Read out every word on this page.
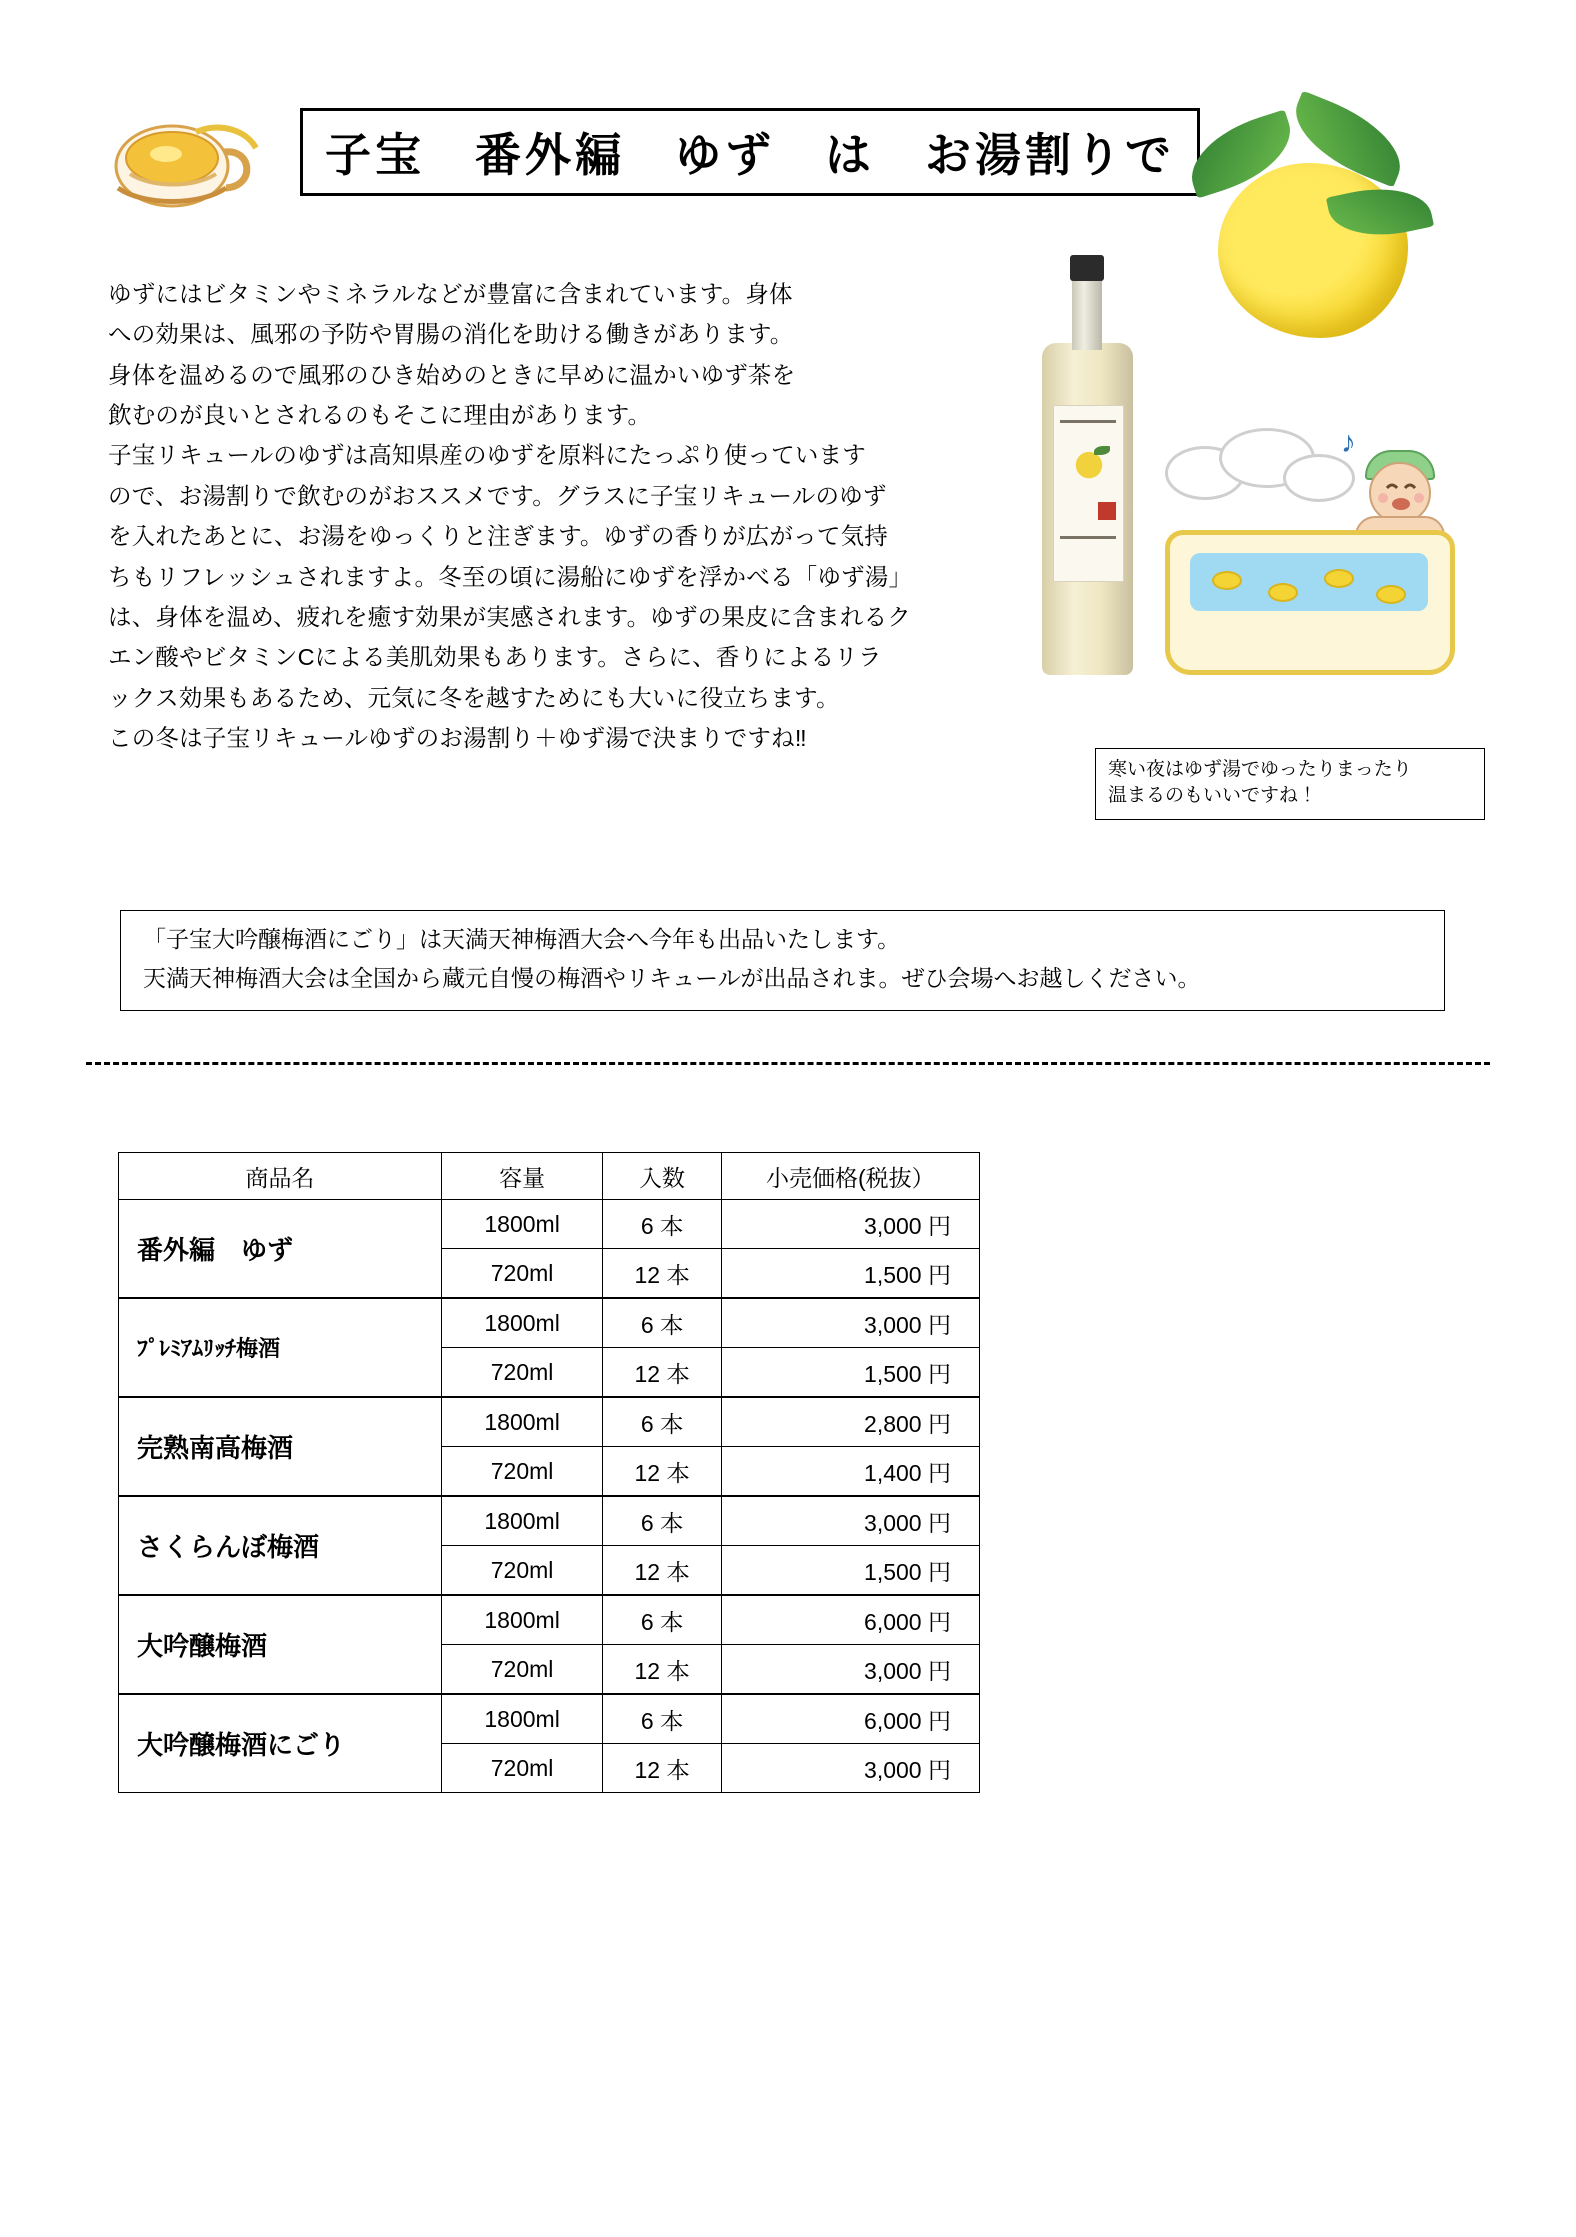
子宝　番外編　ゆず　は　お湯割りで

ゆずにはビタミンやミネラルなどが豊富に含まれています。身体

への効果は、風邪の予防や胃腸の消化を助ける働きがあります。

身体を温めるので風邪のひき始めのときに早めに温かいゆず茶を

飲むのが良いとされるのもそこに理由があります。

子宝リキュールのゆずは高知県産のゆずを原料にたっぷり使っています

ので、お湯割りで飲むのがおススメです。グラスに子宝リキュールのゆず

を入れたあとに、お湯をゆっくりと注ぎます。ゆずの香りが広がって気持

ちもリフレッシュされますよ。冬至の頃に湯船にゆずを浮かべる「ゆず湯」

は、身体を温め、疲れを癒す効果が実感されます。ゆずの果皮に含まれるク

エン酸やビタミンCによる美肌効果もあります。さらに、香りによるリラ

ックス効果もあるため、元気に冬を越すためにも大いに役立ちます。

この冬は子宝リキュールゆずのお湯割り＋ゆず湯で決まりですね‼

♪

寒い夜はゆず湯でゆったりまったり

温まるのもいいですね！

「子宝大吟醸梅酒にごり」は天満天神梅酒大会へ今年も出品いたします。

天満天神梅酒大会は全国から蔵元自慢の梅酒やリキュールが出品されま。ぜひ会場へお越しください。

商品名	容量	入数	小売価格(税抜）
番外編　ゆず	1800ml	6 本	3,000 円
	720ml	12 本	1,500 円
ﾌﾟﾚﾐｱﾑﾘｯﾁ梅酒	1800ml	6 本	3,000 円
	720ml	12 本	1,500 円
完熟南高梅酒	1800ml	6 本	2,800 円
	720ml	12 本	1,400 円
さくらんぼ梅酒	1800ml	6 本	3,000 円
	720ml	12 本	1,500 円
大吟醸梅酒	1800ml	6 本	6,000 円
	720ml	12 本	3,000 円
大吟醸梅酒にごり	1800ml	6 本	6,000 円
	720ml	12 本	3,000 円
